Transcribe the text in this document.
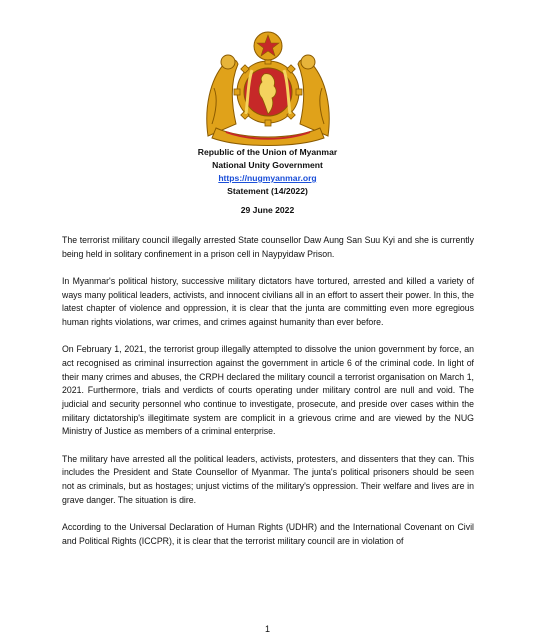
Republic of the Union of Myanmar
National Unity Government
https://nugmyanmar.org
Statement (14/2022)
29 June 2022

The terrorist military council illegally arrested State counsellor Daw Aung San Suu Kyi and she is currently being held in solitary confinement in a prison cell in Naypyidaw Prison.

In Myanmar's political history, successive military dictators have tortured, arrested and killed a variety of ways many political leaders, activists, and innocent civilians all in an effort to assert their power. In this, the latest chapter of violence and oppression, it is clear that the junta are committing even more egregious human rights violations, war crimes, and crimes against humanity than ever before.

On February 1, 2021, the terrorist group illegally attempted to dissolve the union government by force, an act recognised as criminal insurrection against the government in article 6 of the criminal code. In light of their many crimes and abuses, the CRPH declared the military council a terrorist organisation on March 1, 2021. Furthermore, trials and verdicts of courts operating under military control are null and void. The judicial and security personnel who continue to investigate, prosecute, and preside over cases within the military dictatorship's illegitimate system are complicit in a grievous crime and are viewed by the NUG Ministry of Justice as members of a criminal enterprise.

The military have arrested all the political leaders, activists, protesters, and dissenters that they can. This includes the President and State Counsellor of Myanmar. The junta's political prisoners should be seen not as criminals, but as hostages; unjust victims of the military's oppression. Their welfare and lives are in grave danger. The situation is dire.

According to the Universal Declaration of Human Rights (UDHR) and the International Covenant on Civil and Political Rights (ICCPR), it is clear that the terrorist military council are in violation of

1
